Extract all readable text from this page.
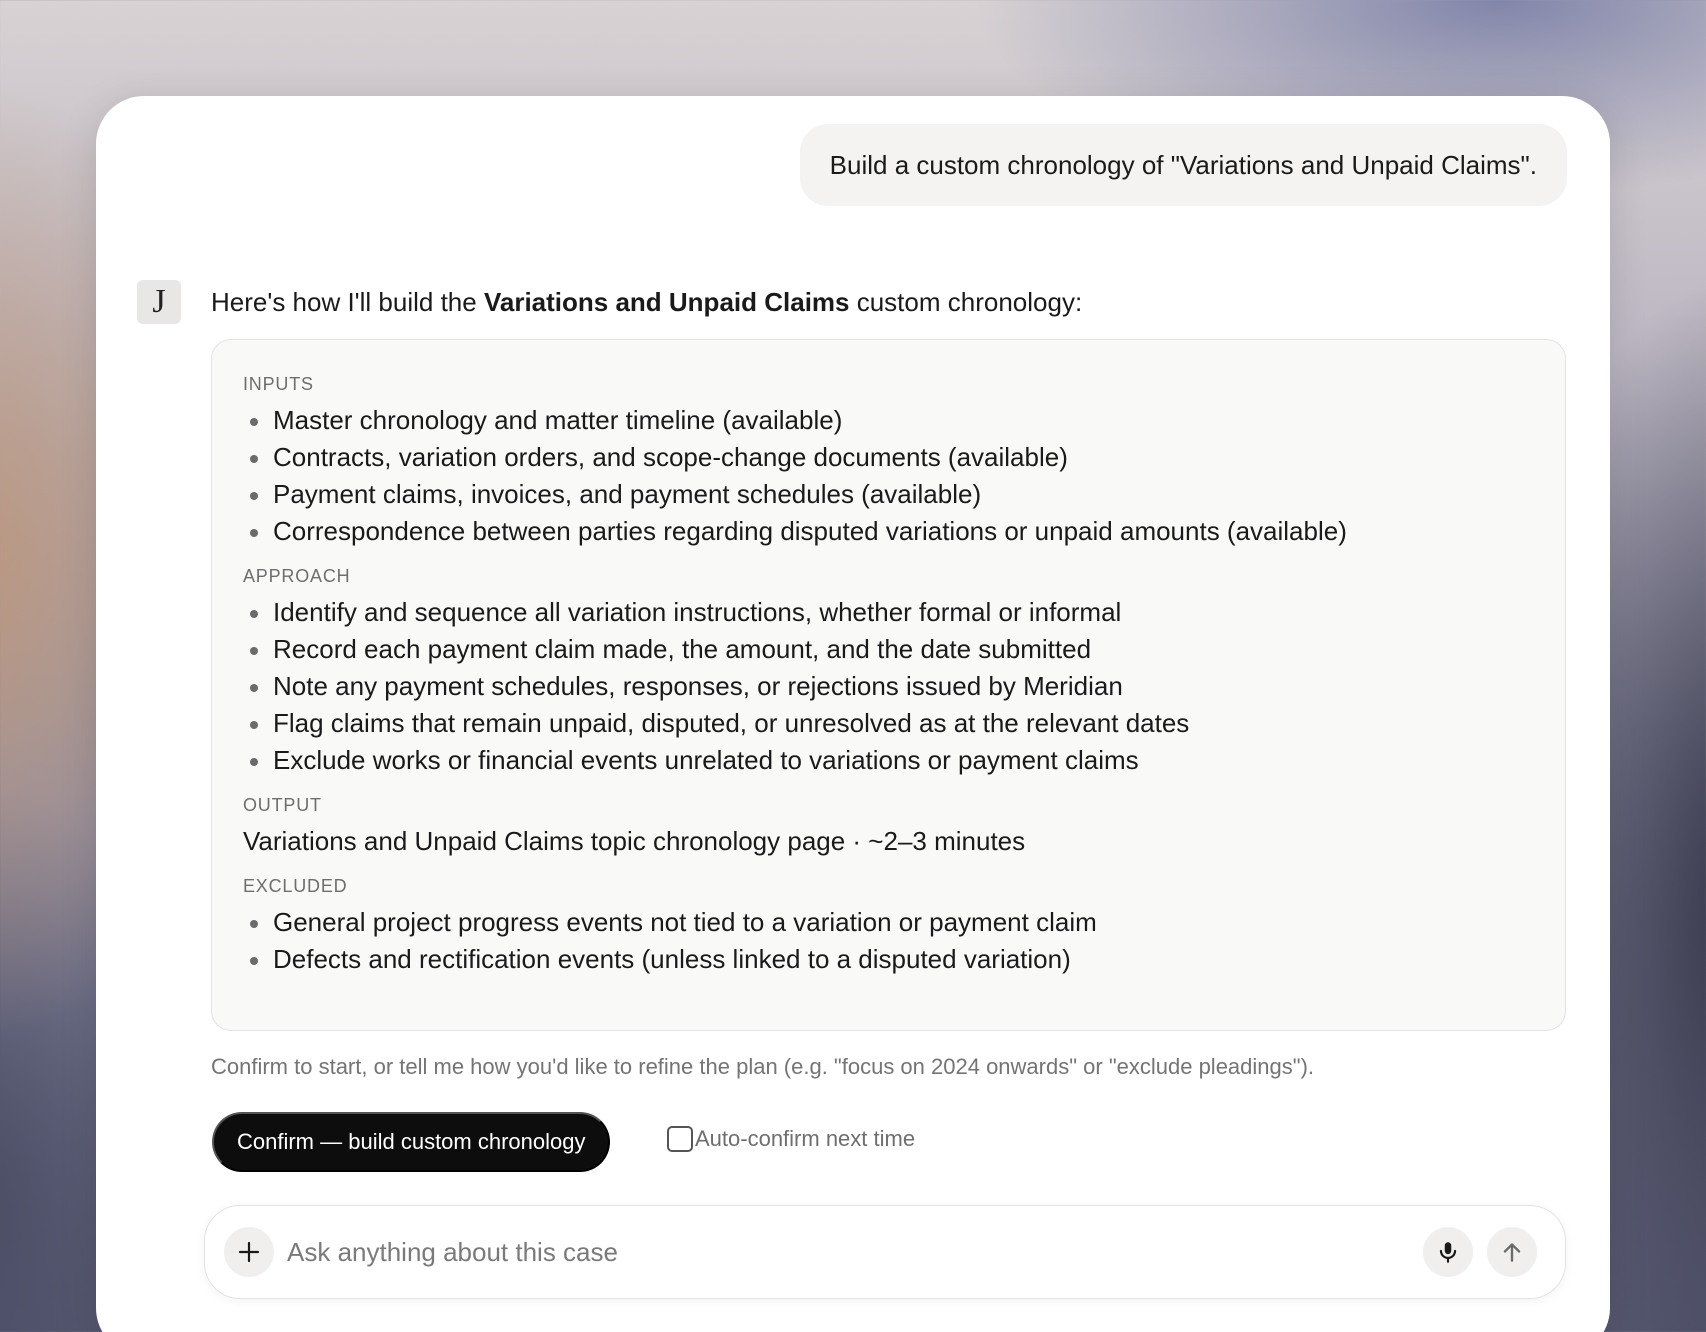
Build a custom chronology of "Variations and Unpaid Claims".
J Here's how I'll build the Variations and Unpaid Claims custom chronology:
INPUTS
Master chronology and matter timeline (available)
Contracts, variation orders, and scope-change documents (available)
Payment claims, invoices, and payment schedules (available)
Correspondence between parties regarding disputed variations or unpaid amounts (available)
APPROACH
Identify and sequence all variation instructions, whether formal or informal
Record each payment claim made, the amount, and the date submitted
Note any payment schedules, responses, or rejections issued by Meridian
Flag claims that remain unpaid, disputed, or unresolved as at the relevant dates
Exclude works or financial events unrelated to variations or payment claims
OUTPUT
Variations and Unpaid Claims topic chronology page · ~2–3 minutes
EXCLUDED
General project progress events not tied to a variation or payment claim
Defects and rectification events (unless linked to a disputed variation)
Confirm to start, or tell me how you'd like to refine the plan (e.g. "focus on 2024 onwards" or "exclude pleadings").
Confirm — build custom chronology	Auto-confirm next time
Ask anything about this case
